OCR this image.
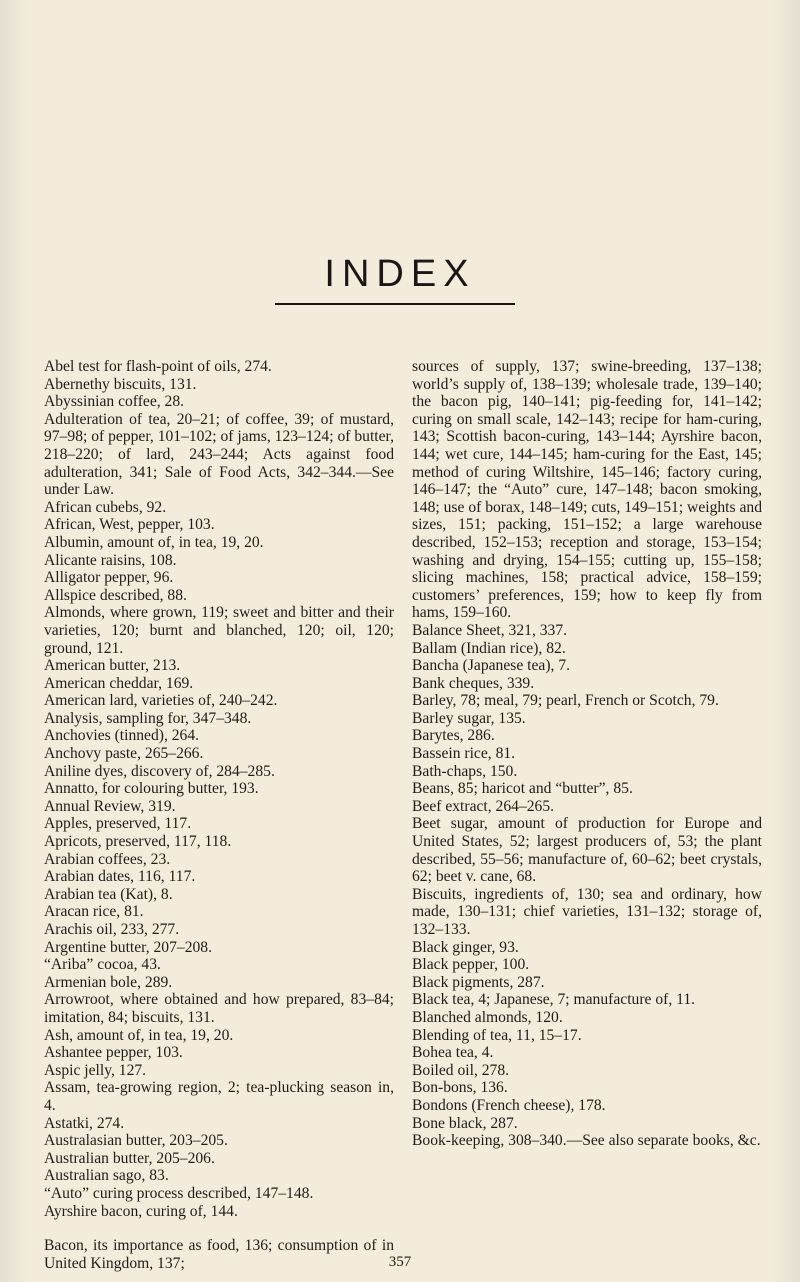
INDEX

Abel test for flash-point of oils, 274.

Abernethy biscuits, 131.

Abyssinian coffee, 28.

Adulteration of tea, 20–21; of coffee, 39; of mustard, 97–98; of pepper, 101–102; of jams, 123–124; of butter, 218–220; of lard, 243–244; Acts against food adulteration, 341; Sale of Food Acts, 342–344.—See under Law.

African cubebs, 92.

African, West, pepper, 103.

Albumin, amount of, in tea, 19, 20.

Alicante raisins, 108.

Alligator pepper, 96.

Allspice described, 88.

Almonds, where grown, 119; sweet and bitter and their varieties, 120; burnt and blanched, 120; oil, 120; ground, 121.

American butter, 213.

American cheddar, 169.

American lard, varieties of, 240–242.

Analysis, sampling for, 347–348.

Anchovies (tinned), 264.

Anchovy paste, 265–266.

Aniline dyes, discovery of, 284–285.

Annatto, for colouring butter, 193.

Annual Review, 319.

Apples, preserved, 117.

Apricots, preserved, 117, 118.

Arabian coffees, 23.

Arabian dates, 116, 117.

Arabian tea (Kat), 8.

Aracan rice, 81.

Arachis oil, 233, 277.

Argentine butter, 207–208.

“Ariba” cocoa, 43.

Armenian bole, 289.

Arrowroot, where obtained and how prepared, 83–84; imitation, 84; biscuits, 131.

Ash, amount of, in tea, 19, 20.

Ashantee pepper, 103.

Aspic jelly, 127.

Assam, tea-growing region, 2; tea-plucking season in, 4.

Astatki, 274.

Australasian butter, 203–205.

Australian butter, 205–206.

Australian sago, 83.

“Auto” curing process described, 147–148.

Ayrshire bacon, curing of, 144.

Bacon, its importance as food, 136; consumption of in United Kingdom, 137;

sources of supply, 137; swine-breeding, 137–138; world’s supply of, 138–139; wholesale trade, 139–140; the bacon pig, 140–141; pig-feeding for, 141–142; curing on small scale, 142–143; recipe for ham-curing, 143; Scottish bacon-curing, 143–144; Ayrshire bacon, 144; wet cure, 144–145; ham-curing for the East, 145; method of curing Wiltshire, 145–146; factory curing, 146–147; the “Auto” cure, 147–148; bacon smoking, 148; use of borax, 148–149; cuts, 149–151; weights and sizes, 151; packing, 151–152; a large warehouse described, 152–153; reception and storage, 153–154; washing and drying, 154–155; cutting up, 155–158; slicing machines, 158; practical advice, 158–159; customers’ preferences, 159; how to keep fly from hams, 159–160.

Balance Sheet, 321, 337.

Ballam (Indian rice), 82.

Bancha (Japanese tea), 7.

Bank cheques, 339.

Barley, 78; meal, 79; pearl, French or Scotch, 79.

Barley sugar, 135.

Barytes, 286.

Bassein rice, 81.

Bath-chaps, 150.

Beans, 85; haricot and “butter”, 85.

Beef extract, 264–265.

Beet sugar, amount of production for Europe and United States, 52; largest producers of, 53; the plant described, 55–56; manufacture of, 60–62; beet crystals, 62; beet v. cane, 68.

Biscuits, ingredients of, 130; sea and ordinary, how made, 130–131; chief varieties, 131–132; storage of, 132–133.

Black ginger, 93.

Black pepper, 100.

Black pigments, 287.

Black tea, 4; Japanese, 7; manufacture of, 11.

Blanched almonds, 120.

Blending of tea, 11, 15–17.

Bohea tea, 4.

Boiled oil, 278.

Bon-bons, 136.

Bondons (French cheese), 178.

Bone black, 287.

Book-keeping, 308–340.—See also separate books, &c.

357
